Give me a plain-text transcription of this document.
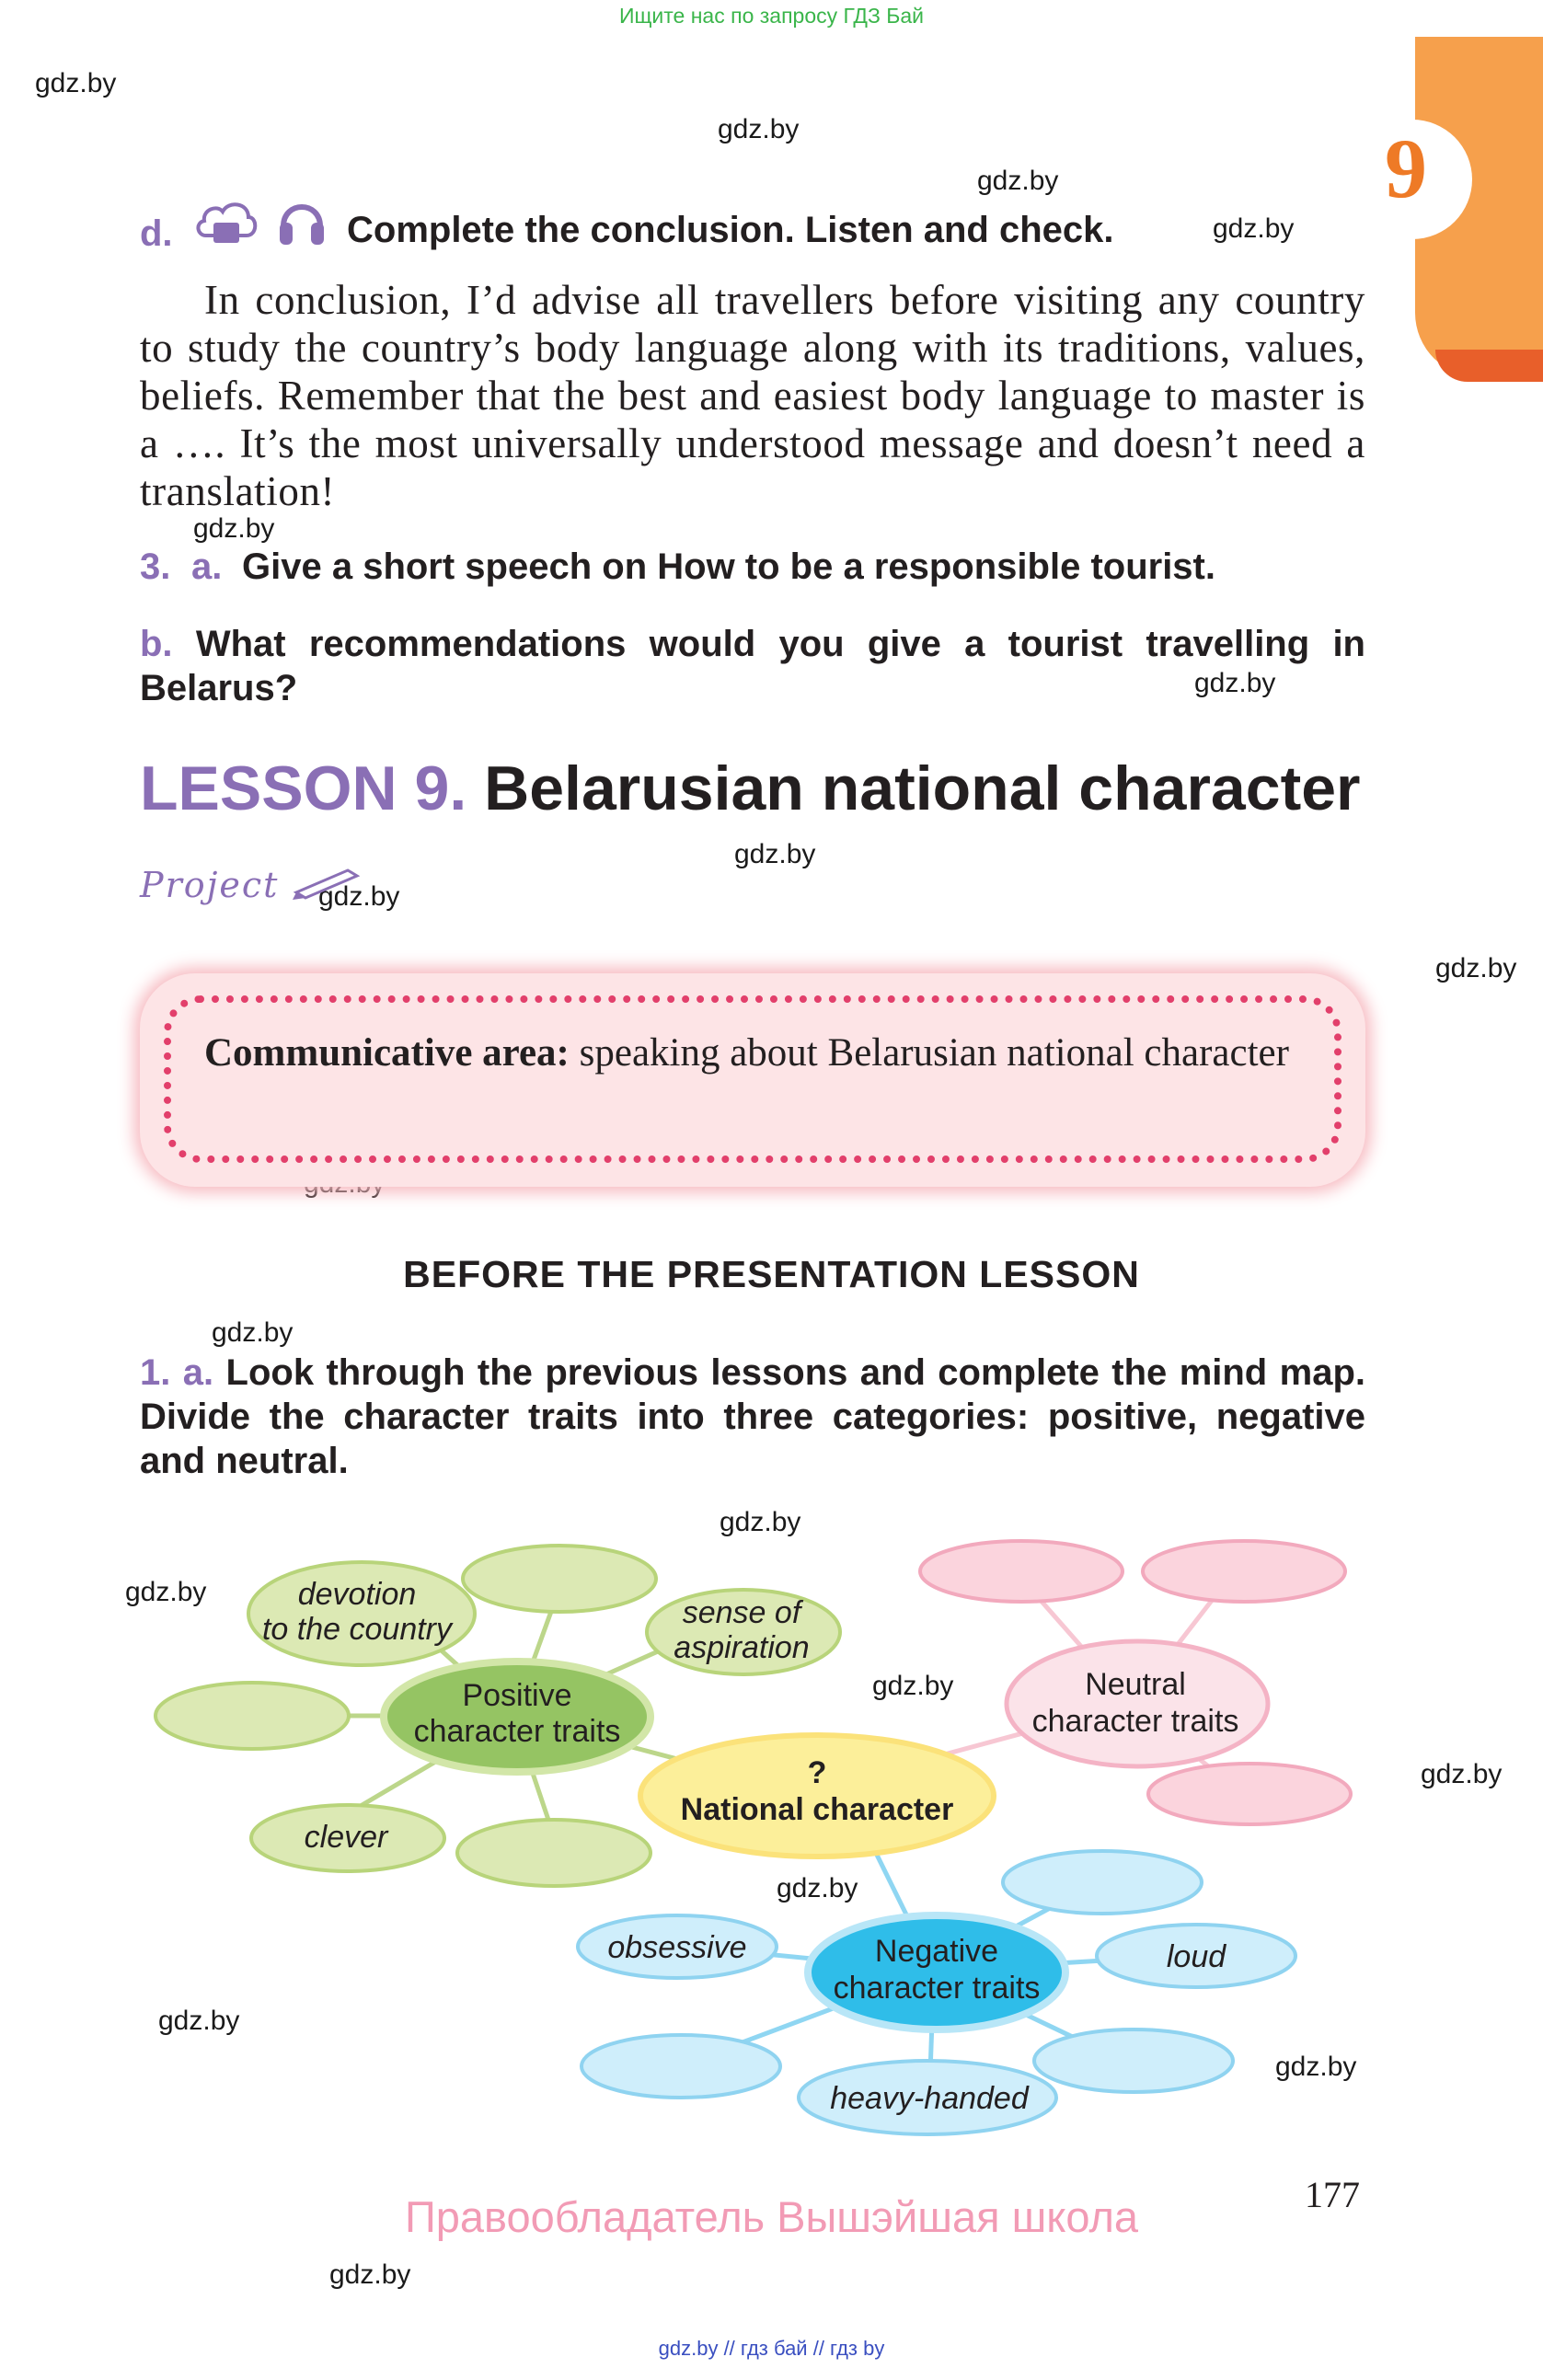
Ищите нас по запросу ГДЗ Бай
9
gdz.by
gdz.by
gdz.by
gdz.by
gdz.by
gdz.by
gdz.by
gdz.by
gdz.by
gdz.by
gdz.by
gdz.by
gdz.by
gdz.by
gdz.by
gdz.by
gdz.by
gdz.by
d.	Complete the conclusion. Listen and check.
In conclusion, I’d advise all travellers before visiting any country to study the country’s body language along with its traditions, values, beliefs. Remember that the best and easiest body language to master is a …. It’s the most universally understood message and doesn’t need a translation!
3. a. Give a short speech on How to be a responsible tourist.
b. What recommendations would you give a tourist travelling in Belarus?
LESSON 9. Belarusian national character
Project
Communicative area: speaking about Belarusian national character
BEFORE THE PRESENTATION LESSON
1. a. Look through the previous lessons and complete the mind map. Divide the character traits into three categories: positive, negative and neutral.
devotion
to the country	sense of
aspiration
clever
Positive
character traits
Neutral
character traits
?
National character
Negative
character traits
obsessive	loud
heavy-handed
177
Правообладатель Вышэйшая школа
gdz.by // гдз бай // гдз by
